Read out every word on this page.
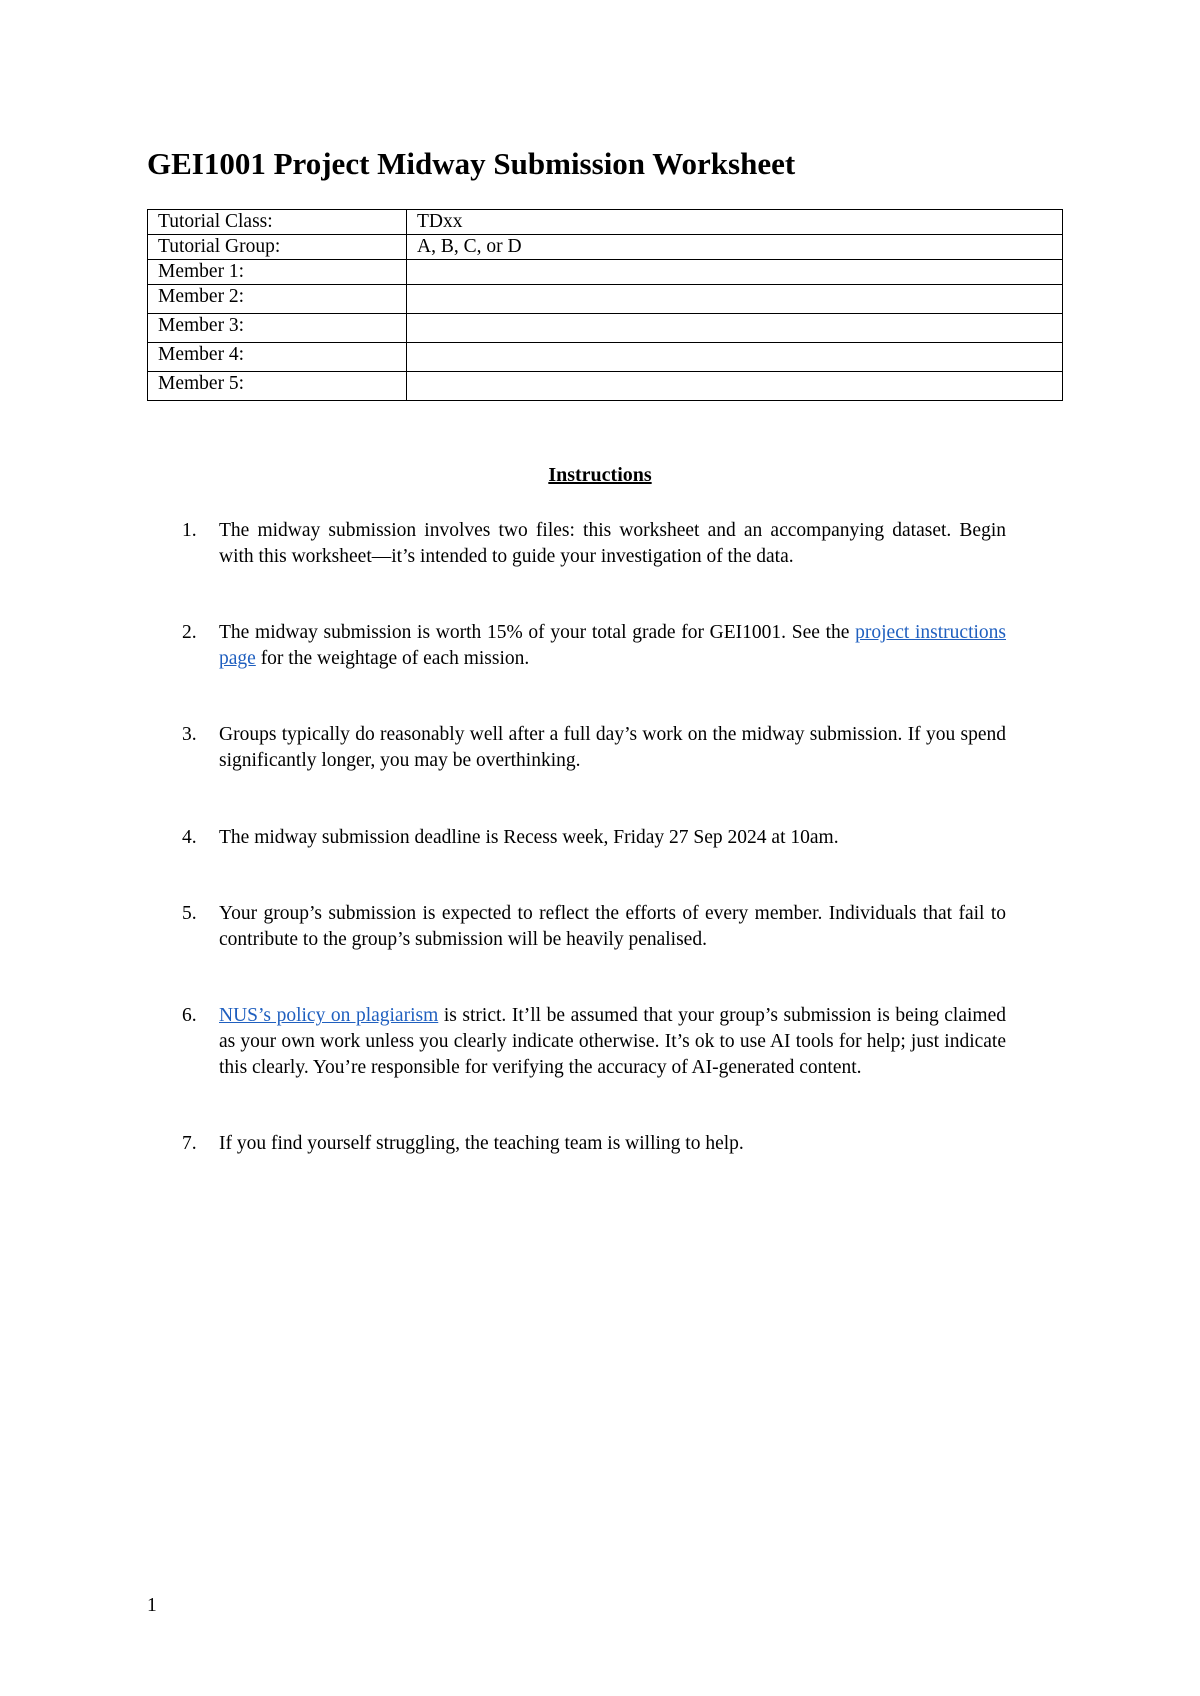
GEI1001 Project Midway Submission Worksheet
Tutorial Class:	TDxx
Tutorial Group:	A, B, C, or D
Member 1:	
Member 2:	
Member 3:	
Member 4:	
Member 5:	
Instructions
1. The midway submission involves two files: this worksheet and an accompanying dataset. Begin with this worksheet—it’s intended to guide your investigation of the data.
2. The midway submission is worth 15% of your total grade for GEI1001. See the project instructions page for the weightage of each mission.
3. Groups typically do reasonably well after a full day’s work on the midway submission. If you spend significantly longer, you may be overthinking.
4. The midway submission deadline is Recess week, Friday 27 Sep 2024 at 10am.
5. Your group’s submission is expected to reflect the efforts of every member. Individuals that fail to contribute to the group’s submission will be heavily penalised.
6. NUS’s policy on plagiarism is strict. It’ll be assumed that your group’s submission is being claimed as your own work unless you clearly indicate otherwise. It’s ok to use AI tools for help; just indicate this clearly. You’re responsible for verifying the accuracy of AI-generated content.
7. If you find yourself struggling, the teaching team is willing to help.
1
